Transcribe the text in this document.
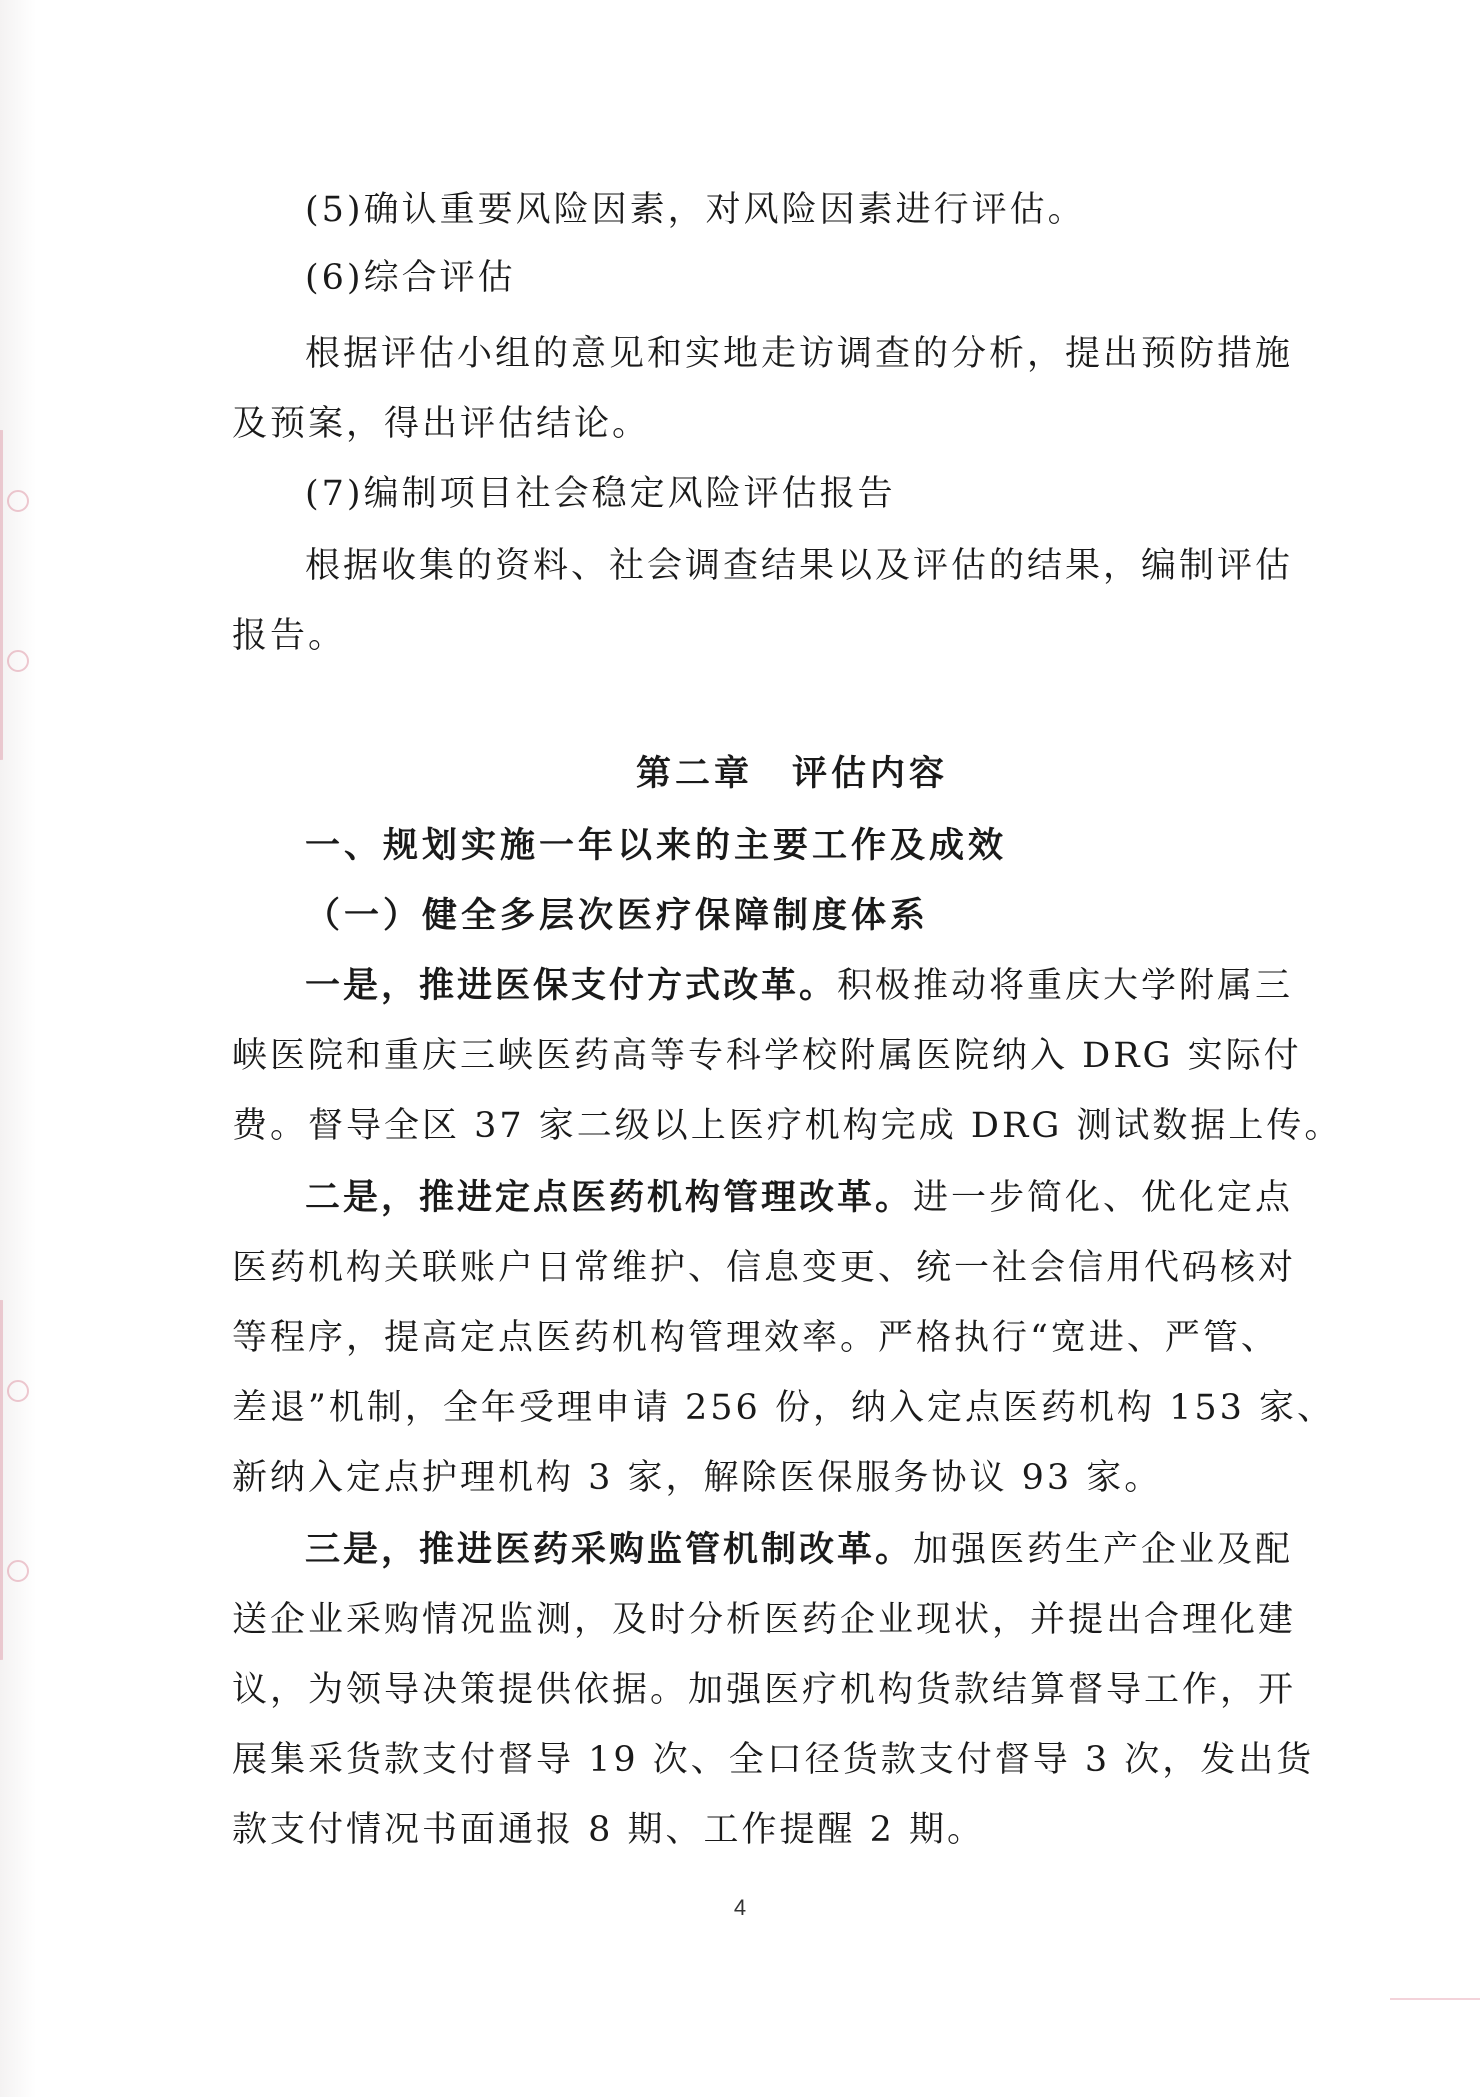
(5)确认重要风险因素，对风险因素进行评估。
(6)综合评估
根据评估小组的意见和实地走访调查的分析，提出预防措施
及预案，得出评估结论。
(7)编制项目社会稳定风险评估报告
根据收集的资料、社会调查结果以及评估的结果，编制评估
报告。
第二章　评估内容
一、规划实施一年以来的主要工作及成效
（一）健全多层次医疗保障制度体系
一是，推进医保支付方式改革。积极推动将重庆大学附属三
峡医院和重庆三峡医药高等专科学校附属医院纳入 DRG 实际付
费。督导全区 37 家二级以上医疗机构完成 DRG 测试数据上传。
二是，推进定点医药机构管理改革。进一步简化、优化定点
医药机构关联账户日常维护、信息变更、统一社会信用代码核对
等程序，提高定点医药机构管理效率。严格执行“宽进、严管、
差退”机制，全年受理申请 256 份，纳入定点医药机构 153 家、
新纳入定点护理机构 3 家，解除医保服务协议 93 家。
三是，推进医药采购监管机制改革。加强医药生产企业及配
送企业采购情况监测，及时分析医药企业现状，并提出合理化建
议，为领导决策提供依据。加强医疗机构货款结算督导工作，开
展集采货款支付督导 19 次、全口径货款支付督导 3 次，发出货
款支付情况书面通报 8 期、工作提醒 2 期。
4
